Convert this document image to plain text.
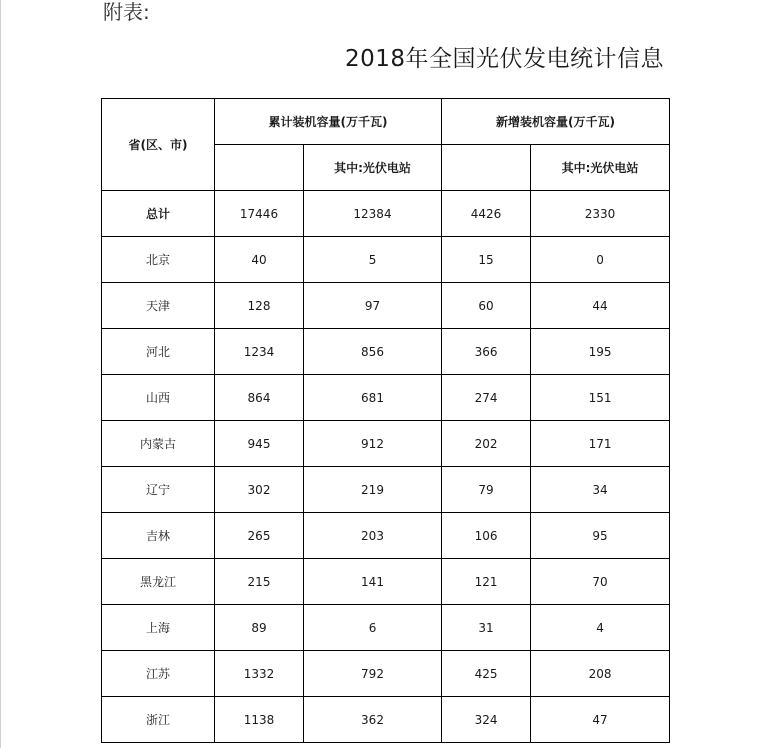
附表:
2018年全国光伏发电统计信息
省(区、市)	累计装机容量(万千瓦)		新增装机容量(万千瓦)	
		其中:光伏电站		其中:光伏电站
总计	17446	12384	4426	2330
北京	40	5	15	0
天津	128	97	60	44
河北	1234	856	366	195
山西	864	681	274	151
内蒙古	945	912	202	171
辽宁	302	219	79	34
吉林	265	203	106	95
黑龙江	215	141	121	70
上海	89	6	31	4
江苏	1332	792	425	208
浙江	1138	362	324	47
